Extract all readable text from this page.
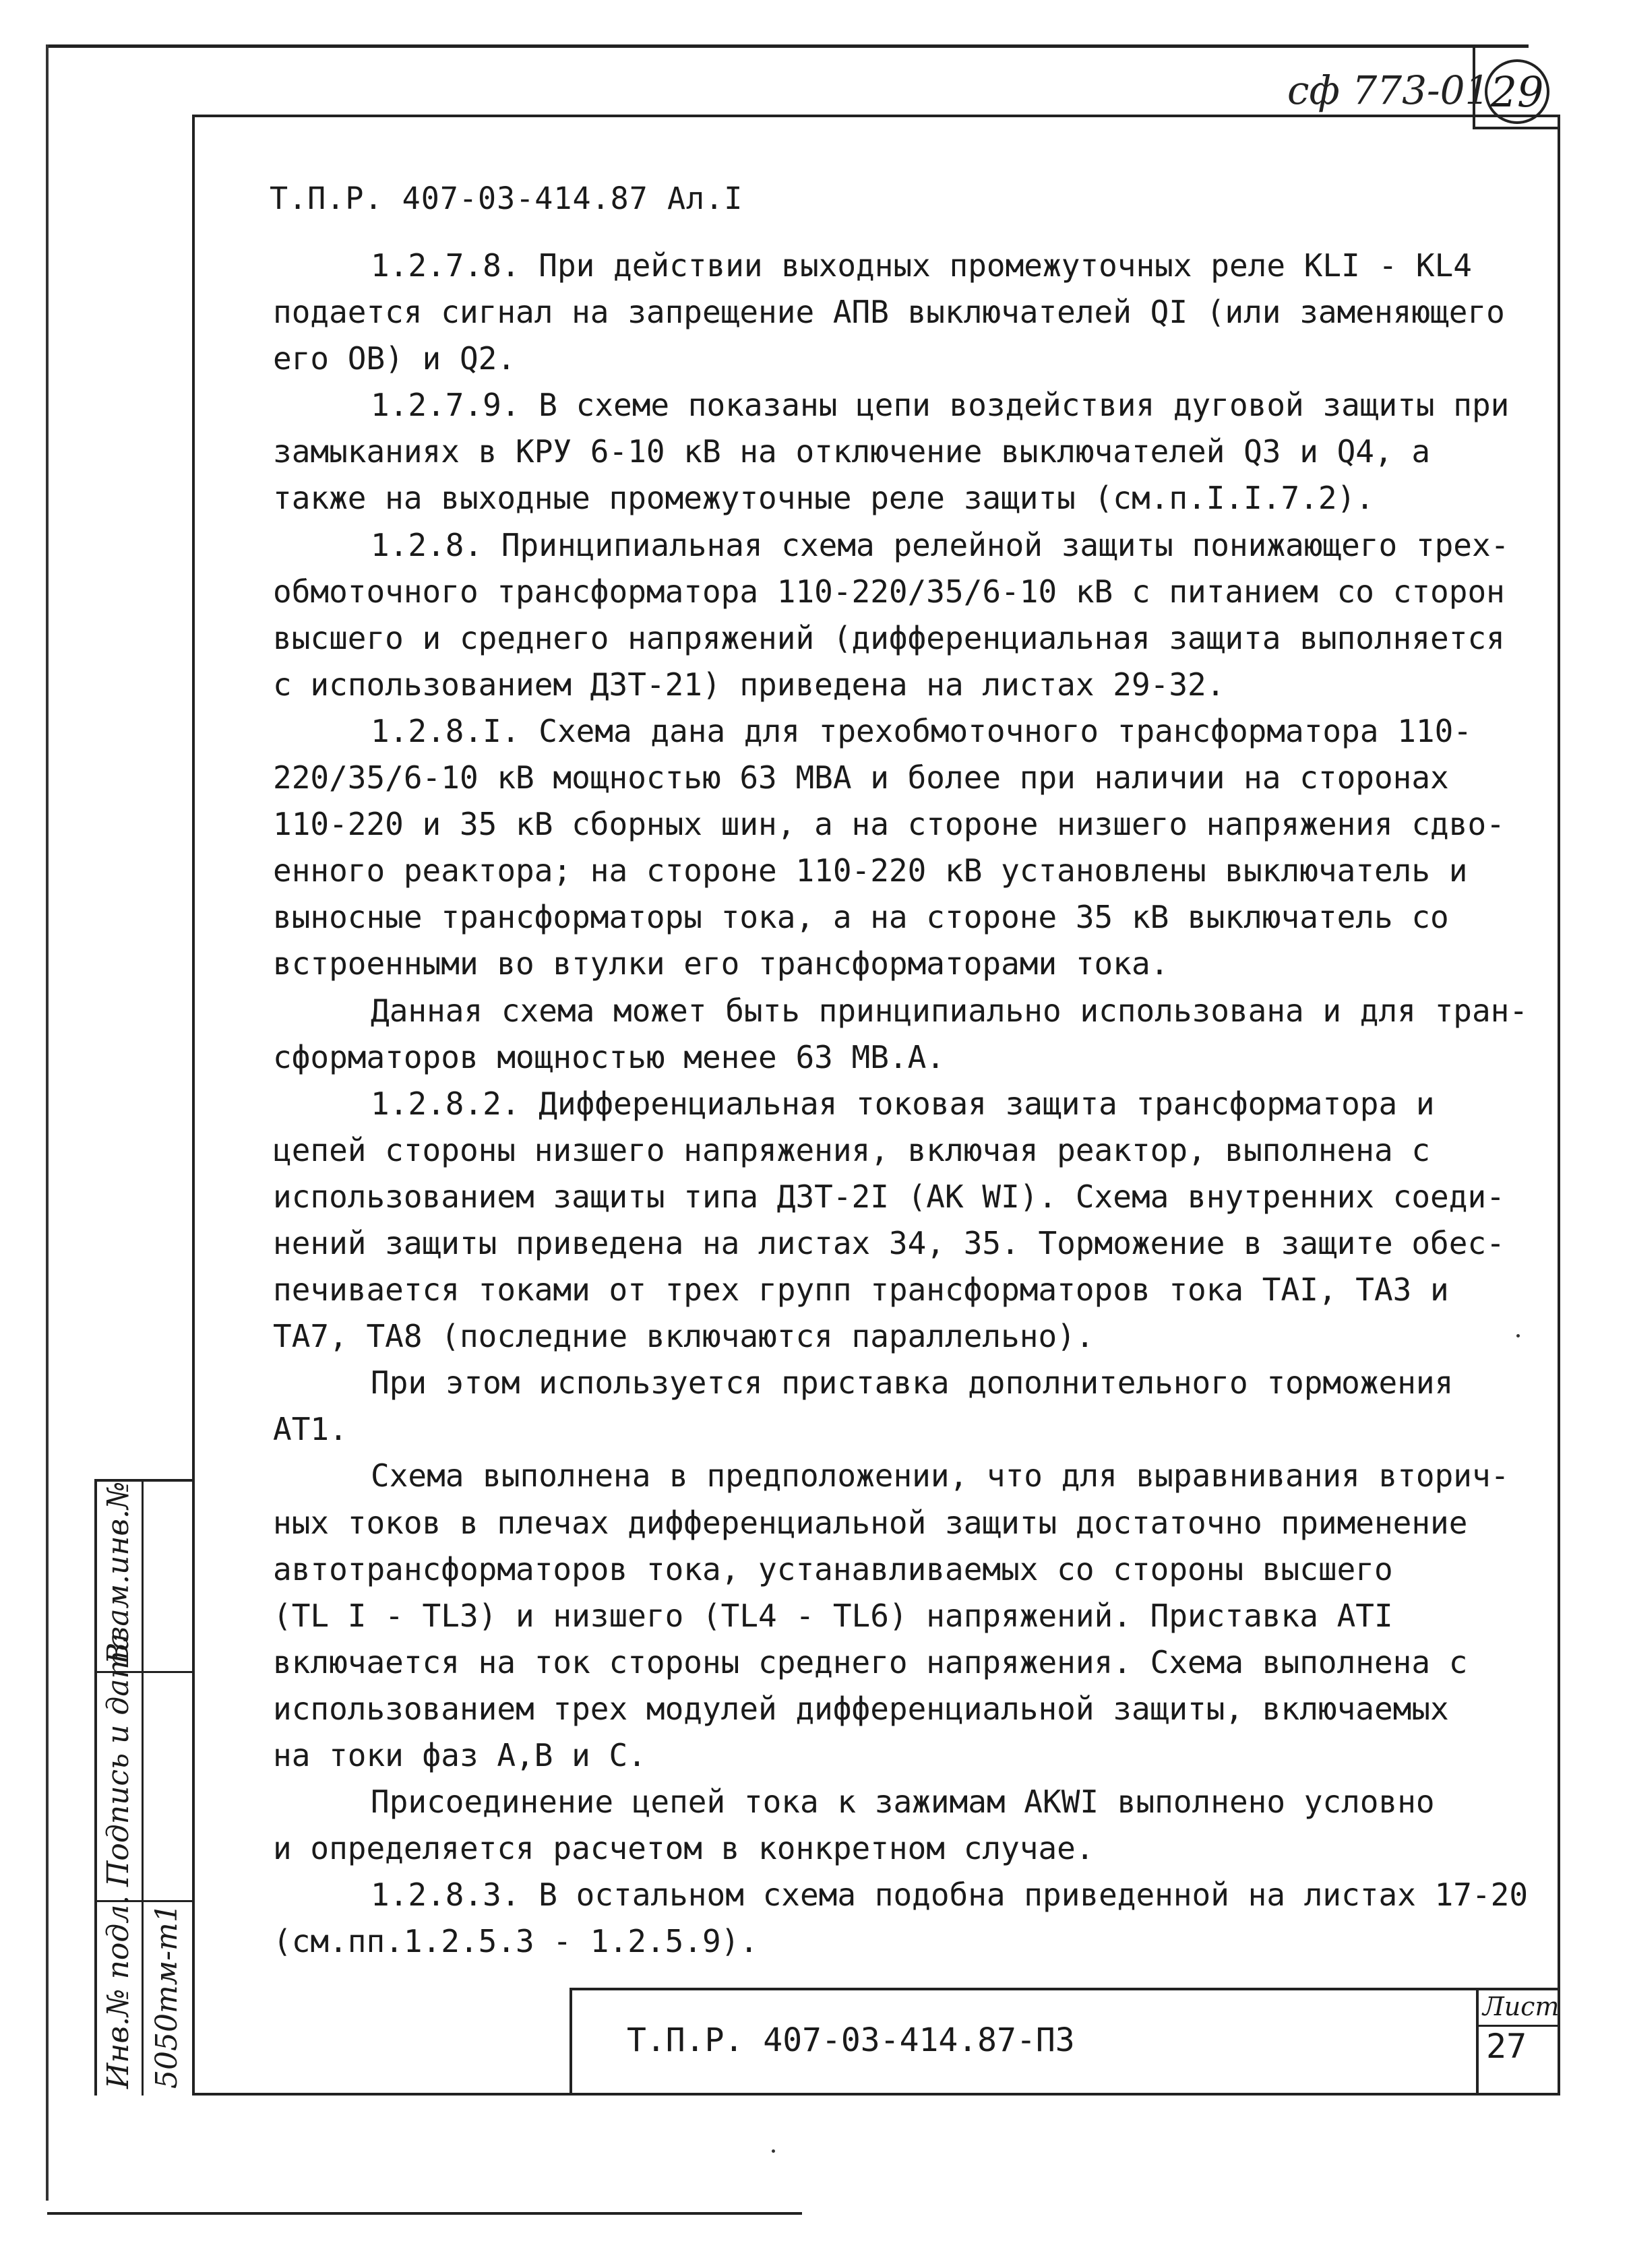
сф 773-01 29
Т.П.Р. 407-03-414.87 Ал.I
1.2.7.8. При действии выходных промежуточных реле КLI - КL4
подается сигнал на запрещение АПВ выключателей QI (или заменяющего
его ОВ) и Q2.
1.2.7.9. В схеме показаны цепи воздействия дуговой защиты при
замыканиях в КРУ 6-10 кВ на отключение выключателей Q3 и Q4, а
также на выходные промежуточные реле защиты (см.п.I.I.7.2).
1.2.8. Принципиальная схема релейной защиты понижающего трех-
обмоточного трансформатора 110-220/35/6-10 кВ с питанием со сторон
высшего и среднего напряжений (дифференциальная защита выполняется
с использованием ДЗТ-21) приведена на листах 29-32.
1.2.8.I. Схема дана для трехобмоточного трансформатора 110-
220/35/6-10 кВ мощностью 63 МВА и более при наличии на сторонах
110-220 и 35 кВ сборных шин, а на стороне низшего напряжения сдво-
енного реактора; на стороне 110-220 кВ установлены выключатель и
выносные трансформаторы тока, а на стороне 35 кВ выключатель со
встроенными во втулки его трансформаторами тока.
Данная схема может быть принципиально использована и для тран-
сформаторов мощностью менее 63 МВ.А.
1.2.8.2. Дифференциальная токовая защита трансформатора и
цепей стороны низшего напряжения, включая реактор, выполнена с
использованием защиты типа ДЗТ-2I (АК WI). Схема внутренних соеди-
нений защиты приведена на листах 34, 35. Торможение в защите обес-
печивается токами от трех групп трансформаторов тока ТАI, ТА3 и
ТА7, ТА8 (последние включаются параллельно).
При этом используется приставка дополнительного торможения
АТ1.
Схема выполнена в предположении, что для выравнивания вторич-
ных токов в плечах дифференциальной защиты достаточно применение
автотрансформаторов тока, устанавливаемых со стороны высшего
(ТL I - ТL3) и низшего (ТL4 - ТL6) напряжений. Приставка АТI
включается на ток стороны среднего напряжения. Схема выполнена с
использованием трех модулей дифференциальной защиты, включаемых
на токи фаз А,В и С.
Присоединение цепей тока к зажимам АКWI выполнено условно
и определяется расчетом в конкретном случае.
1.2.8.3. В остальном схема подобна приведенной на листах 17-20
(см.пп.1.2.5.3 - 1.2.5.9).
Т.П.Р. 407-03-414.87-ПЗ
Лист
27
Взам.инв.№
Подпись и дата
Инв.№ подл. 5050тм-т1
